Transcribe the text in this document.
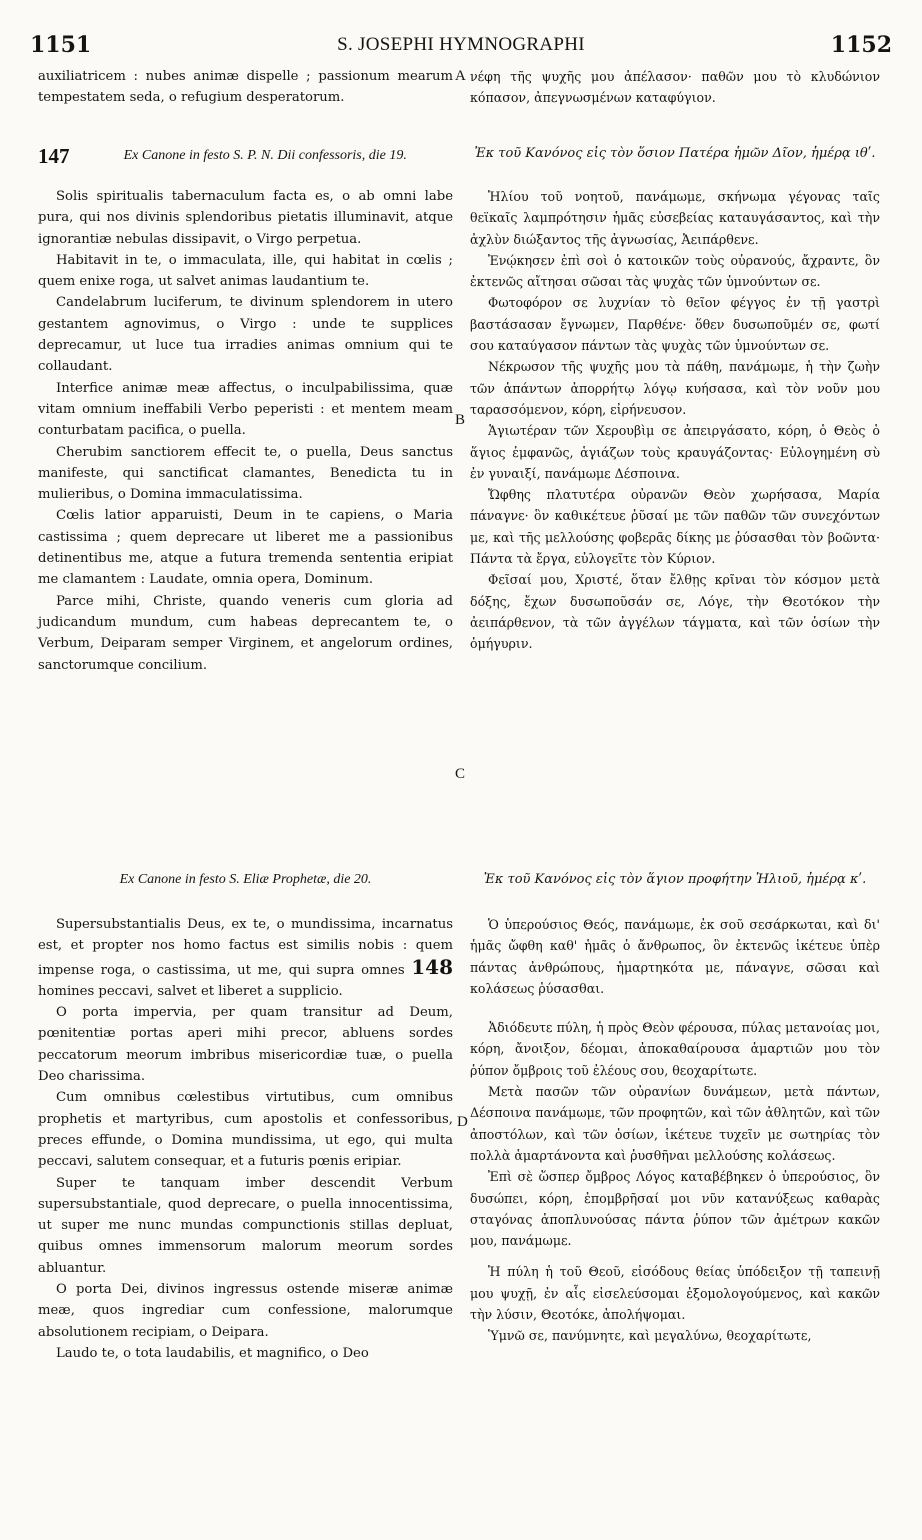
1151	S. JOSEPHI HYMNOGRAPHI	1152

auxiliatricem : nubes animæ dispelle ; passionum mearum tempestatem seda, o refugium desperatorum.

147	Ex Canone in festo S. P. N. Dii confessoris, die 19.

Solis spiritualis tabernaculum facta es, o ab omni labe pura, qui nos divinis splendoribus pietatis illuminavit, atque ignorantiæ nebulas dissipavit, o Virgo perpetua.

Habitavit in te, o immaculata, ille, qui habitat in cœlis ; quem enixe roga, ut salvet animas laudantium te.

Candelabrum luciferum, te divinum splendorem in utero gestantem agnovimus, o Virgo : unde te supplices deprecamur, ut luce tua irradies animas omnium qui te collaudant.

Interfice animæ meæ affectus, o inculpabilissima, quæ vitam omnium ineffabili Verbo peperisti : et mentem meam conturbatam pacifica, o puella.

Cherubim sanctiorem effecit te, o puella, Deus sanctus manifeste, qui sanctificat clamantes, Benedicta tu in mulieribus, o Domina immaculatissima.

Cœlis latior apparuisti, Deum in te capiens, o Maria castissima ; quem deprecare ut liberet me a passionibus detinentibus me, atque a futura tremenda sententia eripiat me clamantem : Laudate, omnia opera, Dominum.

Parce mihi, Christe, quando veneris cum gloria ad judicandum mundum, cum habeas deprecantem te, o Verbum, Deiparam semper Virginem, et angelorum ordines, sanctorumque concilium.

Ex Canone in festo S. Eliæ Prophetæ, die 20.

Supersubstantialis Deus, ex te, o mundissima, incarnatus est, et propter nos homo factus est similis nobis : quem impense roga, o castissima, ut me, qui supra omnes 148 homines peccavi, salvet et liberet a supplicio.

O porta impervia, per quam transitur ad Deum, pœnitentiæ portas aperi mihi precor, abluens sordes peccatorum meorum imbribus misericordiæ tuæ, o puella Deo charissima.

Cum omnibus cœlestibus virtutibus, cum omnibus prophetis et martyribus, cum apostolis et confessoribus, preces effunde, o Domina mundissima, ut ego, qui multa peccavi, salutem consequar, et a futuris pœnis eripiar.

Super te tanquam imber descendit Verbum supersubstantiale, quod deprecare, o puella innocentissima, ut super me nunc mundas compunctionis stillas depluat, quibus omnes immensorum malorum meorum sordes abluantur.

O porta Dei, divinos ingressus ostende miseræ animæ meæ, quos ingrediar cum confessione, malorumque absolutionem recipiam, o Deipara.

Laudo te, o tota laudabilis, et magnifico, o Deo

A
B
C
D

νέφη τῆς ψυχῆς μου ἀπέλασον· παθῶν μου τὸ κλυδώνιον κόπασον, ἀπεγνωσμένων καταφύγιον.

Ἐκ τοῦ Κανόνος εἰς τὸν ὅσιον Πατέρα ἡμῶν Δῖον, ἡμέρᾳ ιθʹ.

Ἡλίου τοῦ νοητοῦ, πανάμωμε, σκήνωμα γέγονας ταῖς θεϊκαῖς λαμπρότησιν ἡμᾶς εὐσεβείας καταυγάσαντος, καὶ τὴν ἀχλὺν διώξαντος τῆς ἀγνωσίας, Ἀειπάρθενε.

Ἐνῴκησεν ἐπὶ σοὶ ὁ κατοικῶν τοὺς οὐρανούς, ἄχραντε, ὃν ἐκτενῶς αἴτησαι σῶσαι τὰς ψυχὰς τῶν ὑμνούντων σε.

Φωτοφόρον σε λυχνίαν τὸ θεῖον φέγγος ἐν τῇ γαστρὶ βαστάσασαν ἔγνωμεν, Παρθένε· ὅθεν δυσωποῦμέν σε, φωτί σου καταύγασον πάντων τὰς ψυχὰς τῶν ὑμνούντων σε.

Νέκρωσον τῆς ψυχῆς μου τὰ πάθη, πανάμωμε, ἡ τὴν ζωὴν τῶν ἁπάντων ἀπορρήτῳ λόγῳ κυήσασα, καὶ τὸν νοῦν μου ταρασσόμενον, κόρη, εἰρήνευσον.

Ἁγιωτέραν τῶν Χερουβὶμ σε ἀπειργάσατο, κόρη, ὁ Θεὸς ὁ ἅγιος ἐμφανῶς, ἁγιάζων τοὺς κραυγάζοντας· Εὐλογημένη σὺ ἐν γυναιξί, πανάμωμε Δέσποινα.

Ὤφθης πλατυτέρα οὐρανῶν Θεὸν χωρήσασα, Μαρία πάναγνε· ὃν καθικέτευε ῥῦσαί με τῶν παθῶν τῶν συνεχόντων με, καὶ τῆς μελλούσης φοβερᾶς δίκης με ῥύσασθαι τὸν βοῶντα· Πάντα τὰ ἔργα, εὐλογεῖτε τὸν Κύριον.

Φεῖσαί μου, Χριστέ, ὅταν ἔλθῃς κρῖναι τὸν κόσμον μετὰ δόξης, ἔχων δυσωποῦσάν σε, Λόγε, τὴν Θεοτόκον τὴν ἀειπάρθενον, τὰ τῶν ἀγγέλων τάγματα, καὶ τῶν ὁσίων τὴν ὁμήγυριν.

Ἐκ τοῦ Κανόνος εἰς τὸν ἅγιον προφήτην Ἠλιοῦ, ἡμέρᾳ κʹ.

Ὁ ὑπερούσιος Θεός, πανάμωμε, ἐκ σοῦ σεσάρκωται, καὶ δι' ἡμᾶς ὤφθη καθ' ἡμᾶς ὁ ἄνθρωπος, ὃν ἐκτενῶς ἱκέτευε ὑπὲρ πάντας ἀνθρώπους, ἡμαρτηκότα με, πάναγνε, σῶσαι καὶ κολάσεως ῥύσασθαι.

Ἀδιόδευτε πύλη, ἡ πρὸς Θεὸν φέρουσα, πύλας μετανοίας μοι, κόρη, ἄνοιξον, δέομαι, ἀποκαθαίρουσα ἁμαρτιῶν μου τὸν ῥύπον ὄμβροις τοῦ ἐλέους σου, θεοχαρίτωτε.

Μετὰ πασῶν τῶν οὐρανίων δυνάμεων, μετὰ πάντων, Δέσποινα πανάμωμε, τῶν προφητῶν, καὶ τῶν ἀθλητῶν, καὶ τῶν ἀποστόλων, καὶ τῶν ὁσίων, ἱκέτευε τυχεῖν με σωτηρίας τὸν πολλὰ ἁμαρτάνοντα καὶ ῥυσθῆναι μελλούσης κολάσεως.

Ἐπὶ σὲ ὥσπερ ὄμβρος Λόγος καταβέβηκεν ὁ ὑπερούσιος, ὃν δυσώπει, κόρη, ἐπομβρῆσαί μοι νῦν κατανύξεως καθαρὰς σταγόνας ἀποπλυνούσας πάντα ῥύπον τῶν ἀμέτρων κακῶν μου, πανάμωμε.

Ἡ πύλη ἡ τοῦ Θεοῦ, εἰσόδους θείας ὑπόδειξον τῇ ταπεινῇ μου ψυχῇ, ἐν αἷς εἰσελεύσομαι ἐξομολογούμενος, καὶ κακῶν τὴν λύσιν, Θεοτόκε, ἀπολήψομαι.

Ὑμνῶ σε, πανύμνητε, καὶ μεγαλύνω, θεοχαρίτωτε,
